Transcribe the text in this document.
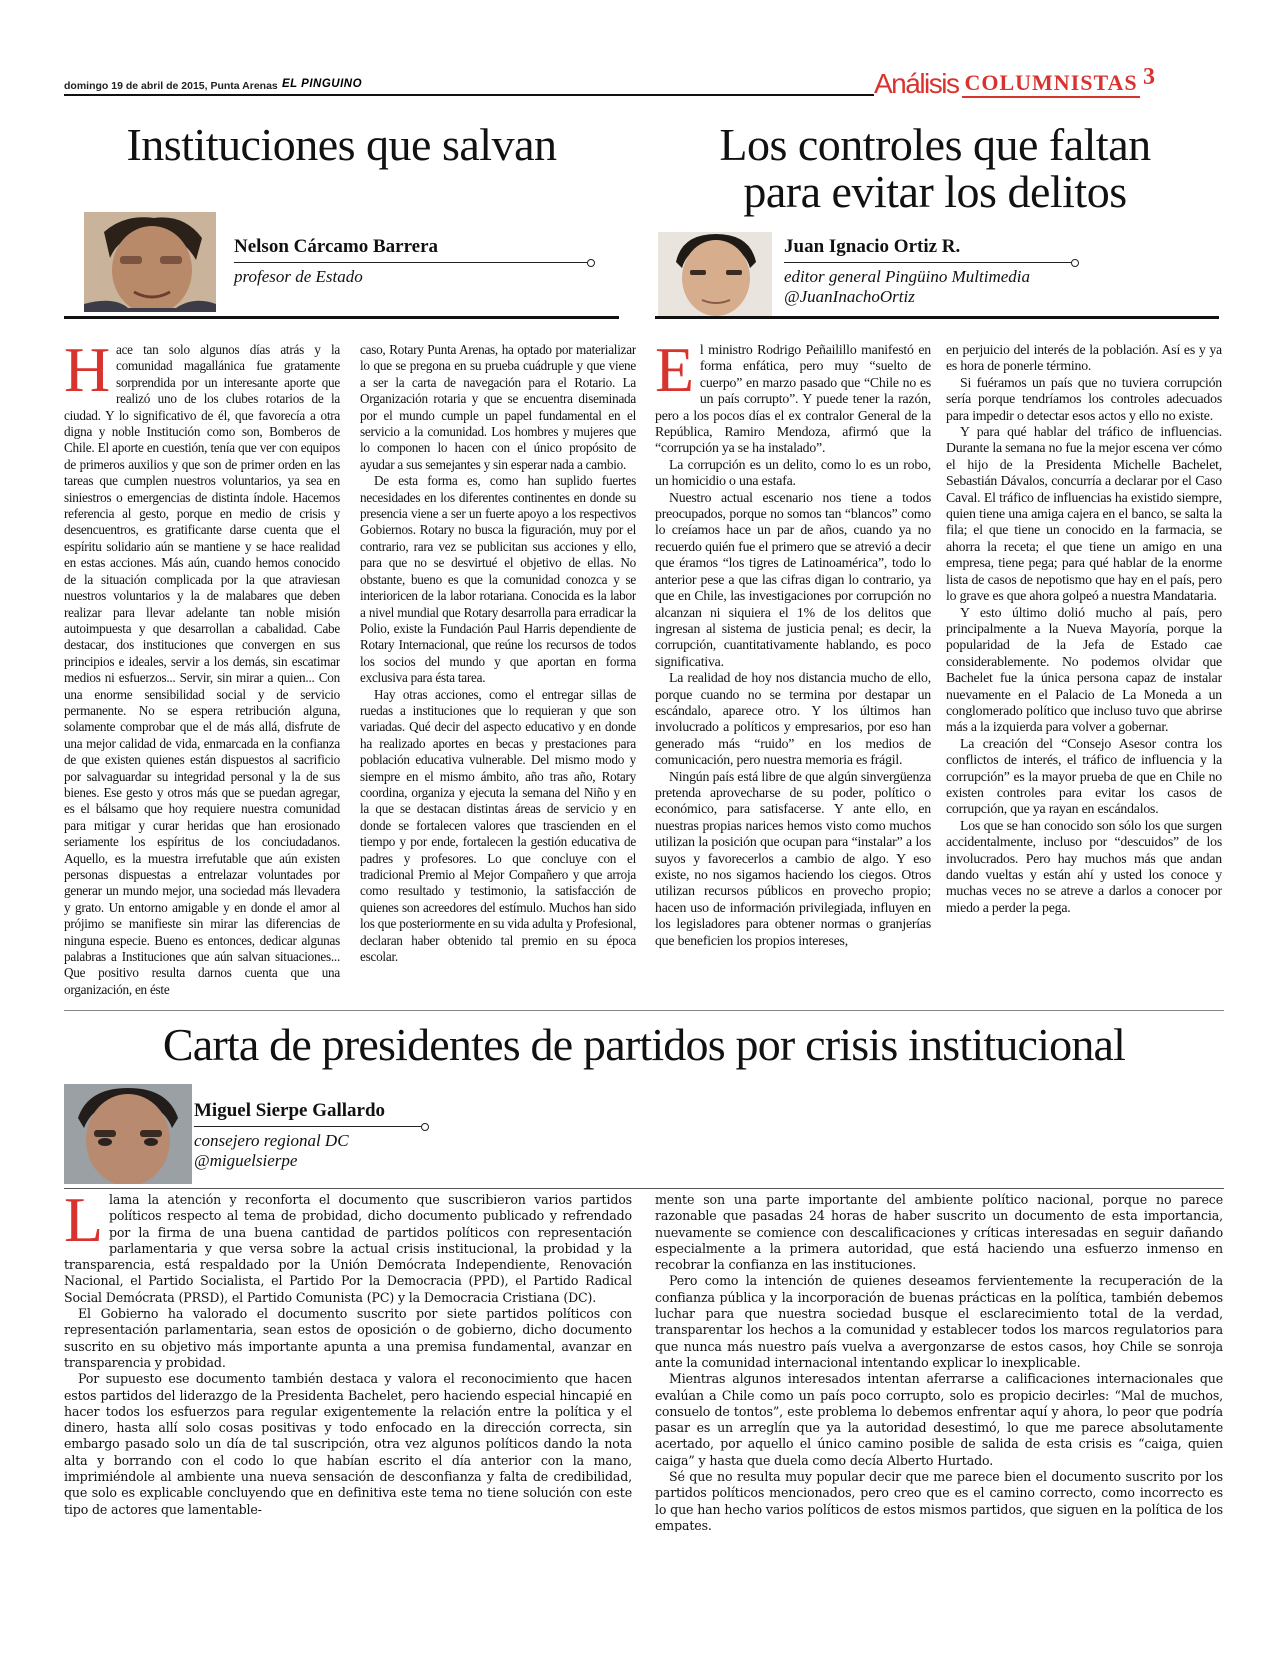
domingo 19 de abril de 2015, Punta Arenas EL PINGUINO	Análisis COLUMNISTAS 3
Instituciones que salvan
Nelson Cárcamo Barrera
profesor de Estado

Hace tan solo algunos días atrás y la comunidad magallánica fue gratamente sorprendida por un interesante aporte que realizó uno de los clubes rotarios de la ciudad. Y lo significativo de él, que favorecía a otra digna y noble Institución como son, Bomberos de Chile. El aporte en cuestión, tenía que ver con equipos de primeros auxilios y que son de primer orden en las tareas que cumplen nuestros voluntarios, ya sea en siniestros o emergencias de distinta índole. Hacemos referencia al gesto, porque en medio de crisis y desencuentros, es gratificante darse cuenta que el espíritu solidario aún se mantiene y se hace realidad en estas acciones. Más aún, cuando hemos conocido de la situación complicada por la que atraviesan nuestros voluntarios y la de malabares que deben realizar para llevar adelante tan noble misión autoimpuesta y que desarrollan a cabalidad. Cabe destacar, dos instituciones que convergen en sus principios e ideales, servir a los demás, sin escatimar medios ni esfuerzos... Servir, sin mirar a quien... Con una enorme sensibilidad social y de servicio permanente. No se espera retribución alguna, solamente comprobar que el de más allá, disfrute de una mejor calidad de vida, enmarcada en la confianza de que existen quienes están dispuestos al sacrificio por salvaguardar su integridad personal y la de sus bienes. Ese gesto y otros más que se puedan agregar, es el bálsamo que hoy requiere nuestra comunidad para mitigar y curar heridas que han erosionado seriamente los espíritus de los conciudadanos. Aquello, es la muestra irrefutable que aún existen personas dispuestas a entrelazar voluntades por generar un mundo mejor, una sociedad más llevadera y grato. Un entorno amigable y en donde el amor al prójimo se manifieste sin mirar las diferencias de ninguna especie. Bueno es entonces, dedicar algunas palabras a Instituciones que aún salvan situaciones... Que positivo resulta darnos cuenta que una organización, en éste

caso, Rotary Punta Arenas, ha optado por materializar lo que se pregona en su prueba cuádruple y que viene a ser la carta de navegación para el Rotario. La Organización rotaria y que se encuentra diseminada por el mundo cumple un papel fundamental en el servicio a la comunidad. Los hombres y mujeres que lo componen lo hacen con el único propósito de ayudar a sus semejantes y sin esperar nada a cambio.

De esta forma es, como han suplido fuertes necesidades en los diferentes continentes en donde su presencia viene a ser un fuerte apoyo a los respectivos Gobiernos. Rotary no busca la figuración, muy por el contrario, rara vez se publicitan sus acciones y ello, para que no se desvirtué el objetivo de ellas. No obstante, bueno es que la comunidad conozca y se interioricen de la labor rotariana. Conocida es la labor a nivel mundial que Rotary desarrolla para erradicar la Polio, existe la Fundación Paul Harris dependiente de Rotary Internacional, que reúne los recursos de todos los socios del mundo y que aportan en forma exclusiva para ésta tarea.

Hay otras acciones, como el entregar sillas de ruedas a instituciones que lo requieran y que son variadas. Qué decir del aspecto educativo y en donde ha realizado aportes en becas y prestaciones para población educativa vulnerable. Del mismo modo y siempre en el mismo ámbito, año tras año, Rotary coordina, organiza y ejecuta la semana del Niño y en la que se destacan distintas áreas de servicio y en donde se fortalecen valores que trascienden en el tiempo y por ende, fortalecen la gestión educativa de padres y profesores. Lo que concluye con el tradicional Premio al Mejor Compañero y que arroja como resultado y testimonio, la satisfacción de quienes son acreedores del estímulo. Muchos han sido los que posteriormente en su vida adulta y Profesional, declaran haber obtenido tal premio en su época escolar.

Los controles que faltan
para evitar los delitos
Juan Ignacio Ortiz R.
editor general Pingüino Multimedia
@JuanInachoOrtiz

El ministro Rodrigo Peñailillo manifestó en forma enfática, pero muy “suelto de cuerpo” en marzo pasado que “Chile no es un país corrupto”. Y puede tener la razón, pero a los pocos días el ex contralor General de la República, Ramiro Mendoza, afirmó que la “corrupción ya se ha instalado”.

La corrupción es un delito, como lo es un robo, un homicidio o una estafa.

Nuestro actual escenario nos tiene a todos preocupados, porque no somos tan “blancos” como lo creíamos hace un par de años, cuando ya no recuerdo quién fue el primero que se atrevió a decir que éramos “los tigres de Latinoamérica”, todo lo anterior pese a que las cifras digan lo contrario, ya que en Chile, las investigaciones por corrupción no alcanzan ni siquiera el 1% de los delitos que ingresan al sistema de justicia penal; es decir, la corrupción, cuantitativamente hablando, es poco significativa.

La realidad de hoy nos distancia mucho de ello, porque cuando no se termina por destapar un escándalo, aparece otro. Y los últimos han involucrado a políticos y empresarios, por eso han generado más “ruido” en los medios de comunicación, pero nuestra memoria es frágil.

Ningún país está libre de que algún sinvergüenza pretenda aprovecharse de su poder, político o económico, para satisfacerse. Y ante ello, en nuestras propias narices hemos visto como muchos utilizan la posición que ocupan para “instalar” a los suyos y favorecerlos a cambio de algo. Y eso existe, no nos sigamos haciendo los ciegos. Otros utilizan recursos públicos en provecho propio; hacen uso de información privilegiada, influyen en los legisladores para obtener normas o granjerías que beneficien los propios intereses,

en perjuicio del interés de la población. Así es y ya es hora de ponerle término.

Si fuéramos un país que no tuviera corrupción sería porque tendríamos los controles adecuados para impedir o detectar esos actos y ello no existe.

Y para qué hablar del tráfico de influencias. Durante la semana no fue la mejor escena ver cómo el hijo de la Presidenta Michelle Bachelet, Sebastián Dávalos, concurría a declarar por el Caso Caval. El tráfico de influencias ha existido siempre, quien tiene una amiga cajera en el banco, se salta la fila; el que tiene un conocido en la farmacia, se ahorra la receta; el que tiene un amigo en una empresa, tiene pega; para qué hablar de la enorme lista de casos de nepotismo que hay en el país, pero lo grave es que ahora golpeó a nuestra Mandataria.

Y esto último dolió mucho al país, pero principalmente a la Nueva Mayoría, porque la popularidad de la Jefa de Estado cae considerablemente. No podemos olvidar que Bachelet fue la única persona capaz de instalar nuevamente en el Palacio de La Moneda a un conglomerado político que incluso tuvo que abrirse más a la izquierda para volver a gobernar.

La creación del “Consejo Asesor contra los conflictos de interés, el tráfico de influencia y la corrupción” es la mayor prueba de que en Chile no existen controles para evitar los casos de corrupción, que ya rayan en escándalos.

Los que se han conocido son sólo los que surgen accidentalmente, incluso por “descuidos” de los involucrados. Pero hay muchos más que andan dando vueltas y están ahí y usted los conoce y muchas veces no se atreve a darlos a conocer por miedo a perder la pega.

Carta de presidentes de partidos por crisis institucional
Miguel Sierpe Gallardo
consejero regional DC
@miguelsierpe

Llama la atención y reconforta el documento que suscribieron varios partidos políticos respecto al tema de probidad, dicho documento publicado y refrendado por la firma de una buena cantidad de partidos políticos con representación parlamentaria y que versa sobre la actual crisis institucional, la probidad y la transparencia, está respaldado por la Unión Demócrata Independiente, Renovación Nacional, el Partido Socialista, el Partido Por la Democracia (PPD), el Partido Radical Social Demócrata (PRSD), el Partido Comunista (PC) y la Democracia Cristiana (DC).

El Gobierno ha valorado el documento suscrito por siete partidos políticos con representación parlamentaria, sean estos de oposición o de gobierno, dicho documento suscrito en su objetivo más importante apunta a una premisa fundamental, avanzar en transparencia y probidad.

Por supuesto ese documento también destaca y valora el reconocimiento que hacen estos partidos del liderazgo de la Presidenta Bachelet, pero haciendo especial hincapié en hacer todos los esfuerzos para regular exigentemente la relación entre la política y el dinero, hasta allí solo cosas positivas y todo enfocado en la dirección correcta, sin embargo pasado solo un día de tal suscripción, otra vez algunos políticos dando la nota alta y borrando con el codo lo que habían escrito el día anterior con la mano, imprimiéndole al ambiente una nueva sensación de desconfianza y falta de credibilidad, que solo es explicable concluyendo que en definitiva este tema no tiene solución con este tipo de actores que lamentable-

mente son una parte importante del ambiente político nacional, porque no parece razonable que pasadas 24 horas de haber suscrito un documento de esta importancia, nuevamente se comience con descalificaciones y críticas interesadas en seguir dañando especialmente a la primera autoridad, que está haciendo una esfuerzo inmenso en recobrar la confianza en las instituciones.

Pero como la intención de quienes deseamos fervientemente la recuperación de la confianza pública y la incorporación de buenas prácticas en la política, también debemos luchar para que nuestra sociedad busque el esclarecimiento total de la verdad, transparentar los hechos a la comunidad y establecer todos los marcos regulatorios para que nunca más nuestro país vuelva a avergonzarse de estos casos, hoy Chile se sonroja ante la comunidad internacional intentando explicar lo inexplicable.

Mientras algunos interesados intentan aferrarse a calificaciones internacionales que evalúan a Chile como un país poco corrupto, solo es propicio decirles: “Mal de muchos, consuelo de tontos”, este problema lo debemos enfrentar aquí y ahora, lo peor que podría pasar es un arreglín que ya la autoridad desestimó, lo que me parece absolutamente acertado, por aquello el único camino posible de salida de esta crisis es “caiga, quien caiga” y hasta que duela como decía Alberto Hurtado.

Sé que no resulta muy popular decir que me parece bien el documento suscrito por los partidos políticos mencionados, pero creo que es el camino correcto, como incorrecto es lo que han hecho varios políticos de estos mismos partidos, que siguen en la política de los empates.
